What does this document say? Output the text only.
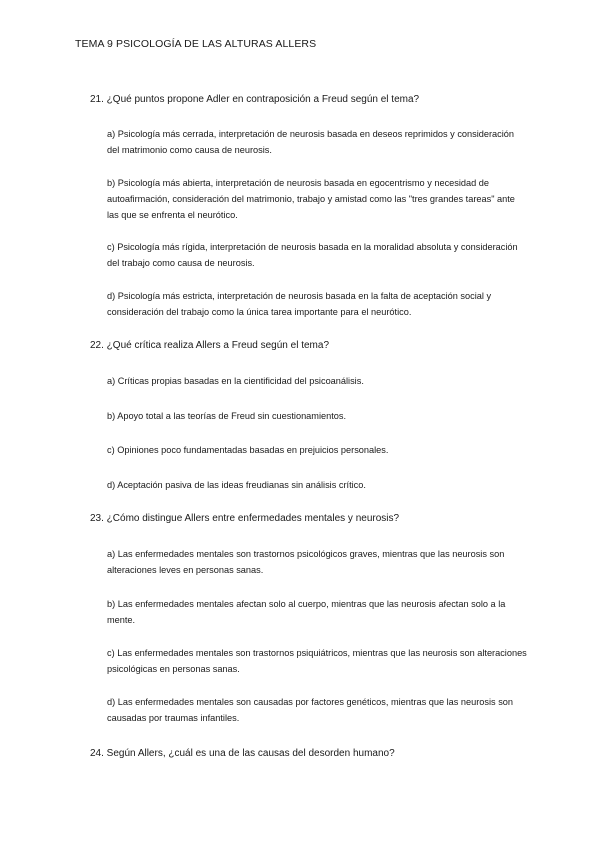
TEMA 9 PSICOLOGÍA DE LAS ALTURAS ALLERS
21. ¿Qué puntos propone Adler en contraposición a Freud según el tema?
a) Psicología más cerrada, interpretación de neurosis basada en deseos reprimidos y consideración del matrimonio como causa de neurosis.
b) Psicología más abierta, interpretación de neurosis basada en egocentrismo y necesidad de autoafirmación, consideración del matrimonio, trabajo y amistad como las "tres grandes tareas" ante las que se enfrenta el neurótico.
c) Psicología más rígida, interpretación de neurosis basada en la moralidad absoluta y consideración del trabajo como causa de neurosis.
d) Psicología más estricta, interpretación de neurosis basada en la falta de aceptación social y consideración del trabajo como la única tarea importante para el neurótico.
22. ¿Qué crítica realiza Allers a Freud según el tema?
a) Críticas propias basadas en la cientificidad del psicoanálisis.
b) Apoyo total a las teorías de Freud sin cuestionamientos.
c) Opiniones poco fundamentadas basadas en prejuicios personales.
d) Aceptación pasiva de las ideas freudianas sin análisis crítico.
23. ¿Cómo distingue Allers entre enfermedades mentales y neurosis?
a) Las enfermedades mentales son trastornos psicológicos graves, mientras que las neurosis son alteraciones leves en personas sanas.
b) Las enfermedades mentales afectan solo al cuerpo, mientras que las neurosis afectan solo a la mente.
c) Las enfermedades mentales son trastornos psiquiátricos, mientras que las neurosis son alteraciones psicológicas en personas sanas.
d) Las enfermedades mentales son causadas por factores genéticos, mientras que las neurosis son causadas por traumas infantiles.
24. Según Allers, ¿cuál es una de las causas del desorden humano?
